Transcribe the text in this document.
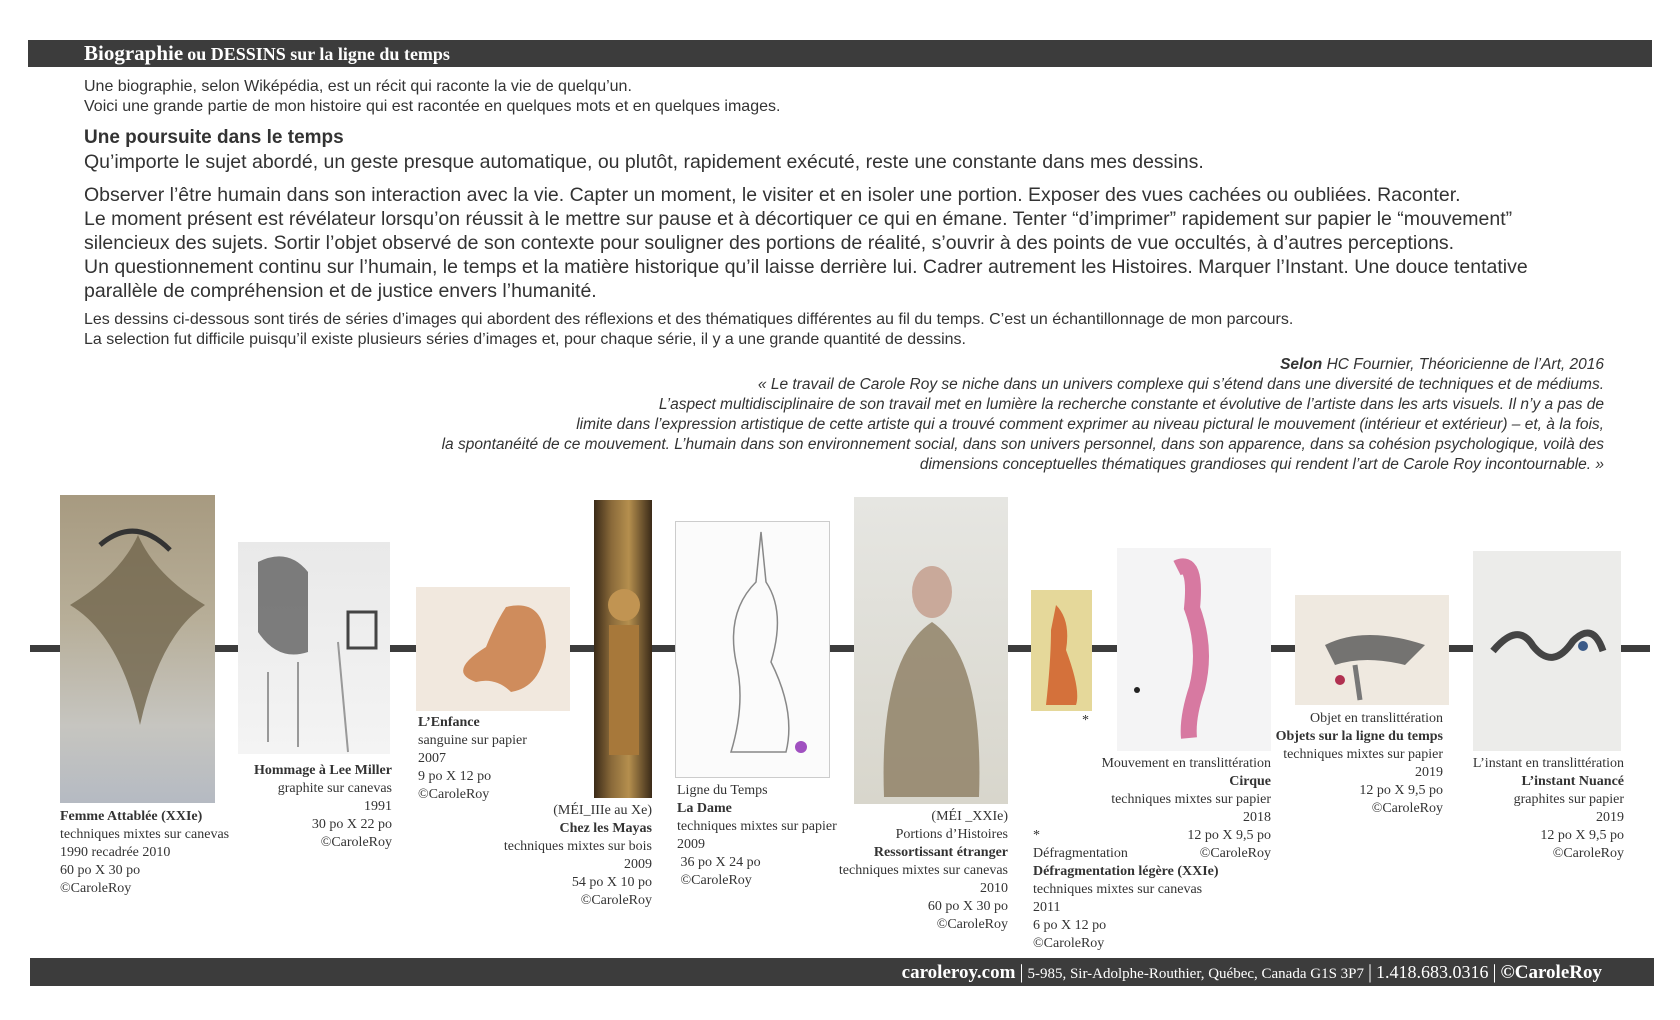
Biographie ou DESSINS sur la ligne du temps

Une biographie, selon Wiképédia, est un récit qui raconte la vie de quelqu’un.

Voici une grande partie de mon histoire qui est racontée en quelques mots et en quelques images.

Une poursuite dans le temps

Qu’importe le sujet abordé, un geste presque automatique, ou plutôt, rapidement exécuté, reste une constante dans mes dessins.

Observer l’être humain dans son interaction avec la vie. Capter un moment, le visiter et en isoler une portion. Exposer des vues cachées ou oubliées. Raconter.

Le moment présent est révélateur lorsqu’on réussit à le mettre sur pause et à décortiquer ce qui en émane. Tenter “d’imprimer” rapidement sur papier le “mouvement”

silencieux des sujets. Sortir l’objet observé de son contexte pour souligner des portions de réalité, s’ouvrir à des points de vue occultés, à d’autres perceptions.

Un questionnement continu sur l’humain, le temps et la matière historique qu’il laisse derrière lui. Cadrer autrement les Histoires. Marquer l’Instant. Une douce tentative

parallèle de compréhension et de justice envers l’humanité.

Les dessins ci-dessous sont tirés de séries d’images qui abordent des réflexions et des thématiques différentes au fil du temps. C’est un échantillonnage de mon parcours.

La selection fut difficile puisqu’il existe plusieurs séries d’images et, pour chaque série, il y a une grande quantité de dessins.

Selon HC Fournier, Théoricienne de l’Art, 2016
« Le travail de Carole Roy se niche dans un univers complexe qui s’étend dans une diversité de techniques et de médiums.
L’aspect multidisciplinaire de son travail met en lumière la recherche constante et évolutive de l’artiste dans les arts visuels. Il n’y a pas de
limite dans l’expression artistique de cette artiste qui a trouvé comment exprimer au niveau pictural le mouvement (intérieur et extérieur) – et, à la fois,
la spontanéité de ce mouvement. L’humain dans son environnement social, dans son univers personnel, dans son apparence, dans sa cohésion psychologique, voilà des
dimensions conceptuelles thématiques grandioses qui rendent l’art de Carole Roy incontournable. »
Femme Attablée (XXIe)
techniques mixtes sur canevas
1990 recadrée 2010
60 po X 30 po
©CaroleRoy
Hommage à Lee Miller
graphite sur canevas
1991
30 po X 22 po
©CaroleRoy
L’Enfance
sanguine sur papier
2007
9 po X 12 po
©CaroleRoy
(MÉI_IIIe au Xe)
Chez les Mayas
techniques mixtes sur bois
2009
54 po X 10 po
©CaroleRoy
Ligne du Temps
La Dame
techniques mixtes sur papier
2009
36 po X 24 po
©CaroleRoy
(MÉI _XXIe)
Portions d’Histoires
Ressortissant étranger
techniques mixtes sur canevas
2010
60 po X 30 po
©CaroleRoy
*
*
Défragmentation
Défragmentation légère (XXIe)
techniques mixtes sur canevas
2011
6 po X 12 po
©CaroleRoy
Mouvement en translittération
Cirque
techniques mixtes sur papier
2018
12 po X 9,5 po
©CaroleRoy
Objet en translittération
Objets sur la ligne du temps
techniques mixtes sur papier
2019
12 po X 9,5 po
©CaroleRoy
L’instant en translittération
L’instant Nuancé
graphites sur papier
2019
12 po X 9,5 po
©CaroleRoy
caroleroy.com | 5-985, Sir-Adolphe-Routhier, Québec, Canada G1S 3P7 | 1.418.683.0316 | ©CaroleRoy
